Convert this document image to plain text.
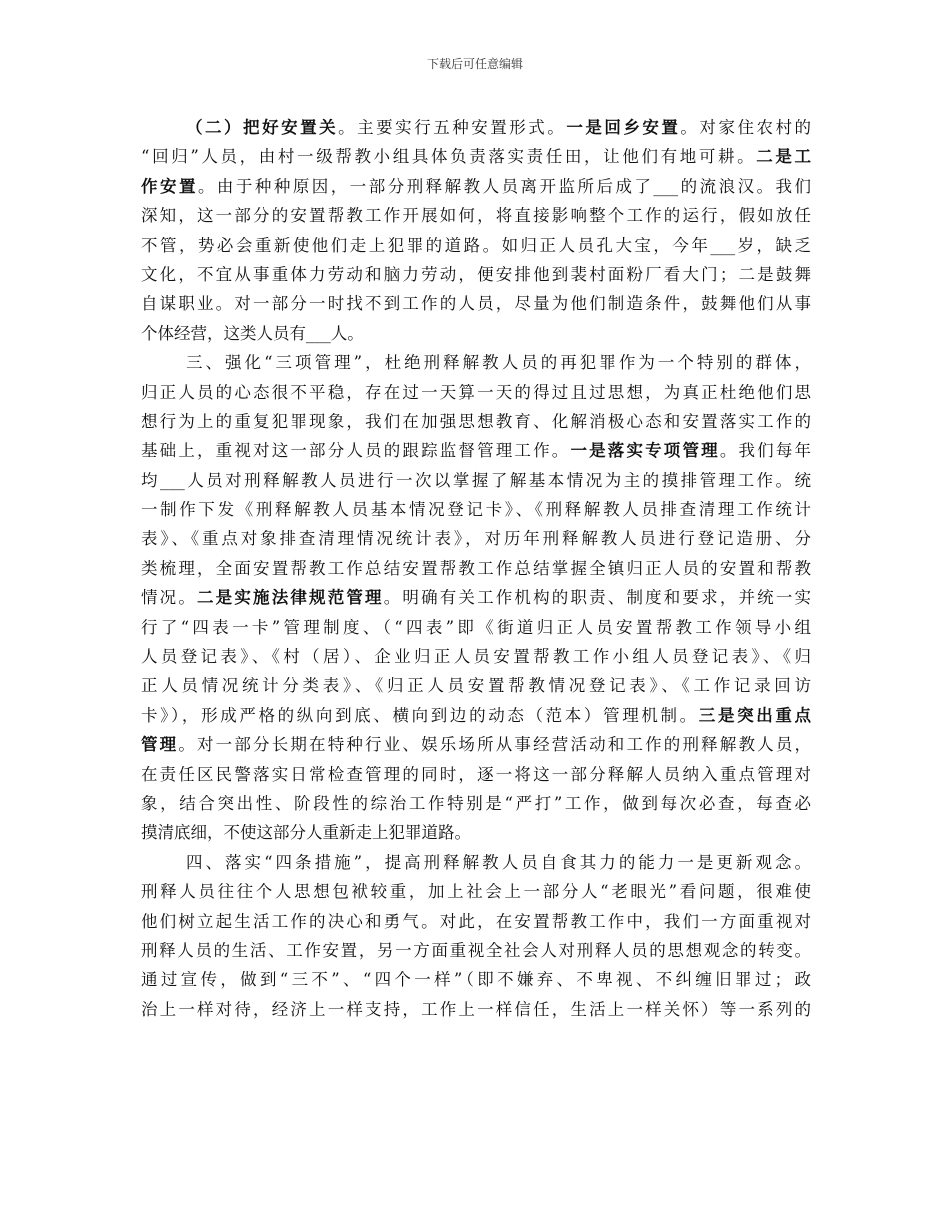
下载后可任意编辑
（二）把好安置关。主要实行五种安置形式。一是回乡安置。对家住农村的
“回归”人员，由村一级帮教小组具体负责落实责任田，让他们有地可耕。二是工
作安置。由于种种原因，一部分刑释解教人员离开监所后成了___的流浪汉。我们
深知，这一部分的安置帮教工作开展如何，将直接影响整个工作的运行，假如放任
不管，势必会重新使他们走上犯罪的道路。如归正人员孔大宝，今年___岁，缺乏
文化，不宜从事重体力劳动和脑力劳动，便安排他到裴村面粉厂看大门；二是鼓舞
自谋职业。对一部分一时找不到工作的人员，尽量为他们制造条件，鼓舞他们从事
个体经营，这类人员有___人。
三、强化“三项管理”，杜绝刑释解教人员的再犯罪作为一个特别的群体，
归正人员的心态很不平稳，存在过一天算一天的得过且过思想，为真正杜绝他们思
想行为上的重复犯罪现象，我们在加强思想教育、化解消极心态和安置落实工作的
基础上，重视对这一部分人员的跟踪监督管理工作。一是落实专项管理。我们每年
均___人员对刑释解教人员进行一次以掌握了解基本情况为主的摸排管理工作。统
一制作下发《刑释解教人员基本情况登记卡》、《刑释解教人员排查清理工作统计
表》、《重点对象排查清理情况统计表》，对历年刑释解教人员进行登记造册、分
类梳理，全面安置帮教工作总结安置帮教工作总结掌握全镇归正人员的安置和帮教
情况。二是实施法律规范管理。明确有关工作机构的职责、制度和要求，并统一实
行了“四表一卡”管理制度、（“四表”即《街道归正人员安置帮教工作领导小组
人员登记表》、《村（居）、企业归正人员安置帮教工作小组人员登记表》、《归
正人员情况统计分类表》、《归正人员安置帮教情况登记表》、《工作记录回访
卡》），形成严格的纵向到底、横向到边的动态（范本）管理机制。三是突出重点
管理。对一部分长期在特种行业、娱乐场所从事经营活动和工作的刑释解教人员，
在责任区民警落实日常检查管理的同时，逐一将这一部分释解人员纳入重点管理对
象，结合突出性、阶段性的综治工作特别是“严打”工作，做到每次必查，每查必
摸清底细，不使这部分人重新走上犯罪道路。
四、落实“四条措施”，提高刑释解教人员自食其力的能力一是更新观念。
刑释人员往往个人思想包袱较重，加上社会上一部分人“老眼光”看问题，很难使
他们树立起生活工作的决心和勇气。对此，在安置帮教工作中，我们一方面重视对
刑释人员的生活、工作安置，另一方面重视全社会人对刑释人员的思想观念的转变。
通过宣传，做到“三不”、“四个一样”（即不嫌弃、不卑视、不纠缠旧罪过；政
治上一样对待，经济上一样支持，工作上一样信任，生活上一样关怀）等一系列的
